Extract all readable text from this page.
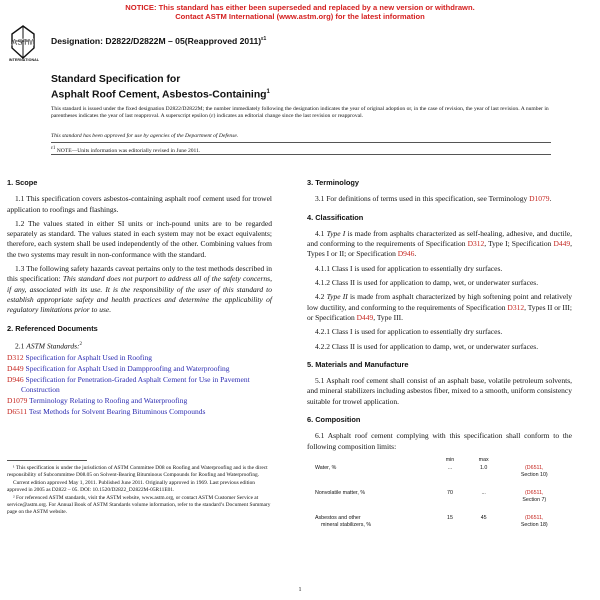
NOTICE: This standard has either been superseded and replaced by a new version or withdrawn.
Contact ASTM International (www.astm.org) for the latest information
ASTM
INTERNATIONAL
Designation: D2822/D2822M – 05(Reapproved 2011)$^{\varepsilon 1}$
Standard Specification for
Asphalt Roof Cement, Asbestos-Containing$^1$
This standard is issued under the fixed designation D2822/D2822M; the number immediately following the designation indicates the year of original adoption or, in the case of revision, the year of last revision. A number in parentheses indicates the year of last reapproval. A superscript epsilon (ε) indicates an editorial change since the last revision or reapproval.
This standard has been approved for use by agencies of the Department of Defense.
$^{\varepsilon 1}$ NOTE—Units information was editorially revised in June 2011.
1. Scope

1.1 This specification covers asbestos-containing asphalt roof cement used for trowel application to roofings and flashings.

1.2 The values stated in either SI units or inch-pound units are to be regarded separately as standard. The values stated in each system may not be exact equivalents; therefore, each system shall be used independently of the other. Combining values from the two systems may result in non-conformance with the standard.

1.3 The following safety hazards caveat pertains only to the test methods described in this specification: This standard does not purport to address all of the safety concerns, if any, associated with its use. It is the responsibility of the user of this standard to establish appropriate safety and health practices and determine the applicability of regulatory limitations prior to use.

2. Referenced Documents

2.1 ASTM Standards:$^2$

D312 Specification for Asphalt Used in Roofing
D449 Specification for Asphalt Used in Dampproofing and Waterproofing
D946 Specification for Penetration-Graded Asphalt Cement for Use in Pavement Construction
D1079 Terminology Relating to Roofing and Waterproofing
D6511 Test Methods for Solvent Bearing Bituminous Compounds

¹ This specification is under the jurisdiction of ASTM Committee D08 on Roofing and Waterproofing and is the direct responsibility of Subcommittee D08.05 on Solvent-Bearing Bituminous Compounds for Roofing and Waterproofing.

Current edition approved May 1, 2011. Published June 2011. Originally approved in 1969. Last previous edition approved in 2005 as D2822 – 05. DOI: 10.1520/D2822_D2822M-05R11E01.

² For referenced ASTM standards, visit the ASTM website, www.astm.org, or contact ASTM Customer Service at service@astm.org. For Annual Book of ASTM Standards volume information, refer to the standard’s Document Summary page on the ASTM website.

3. Terminology

3.1 For definitions of terms used in this specification, see Terminology D1079.

4. Classification

4.1 Type I is made from asphalts characterized as self-healing, adhesive, and ductile, and conforming to the requirements of Specification D312, Type I; Specification D449, Types I or II; or Specification D946.

4.1.1 Class I is used for application to essentially dry surfaces.

4.1.2 Class II is used for application to damp, wet, or underwater surfaces.

4.2 Type II is made from asphalt characterized by high softening point and relatively low ductility, and conforming to the requirements of Specification D312, Types II or III; or Specification D449, Type III.

4.2.1 Class I is used for application to essentially dry surfaces.

4.2.2 Class II is used for application to damp, wet, or underwater surfaces.

5. Materials and Manufacture

5.1 Asphalt roof cement shall consist of an asphalt base, volatile petroleum solvents, and mineral stabilizers including asbestos fiber, mixed to a smooth, uniform consistency suitable for trowel application.

6. Composition

6.1 Asphalt roof cement complying with this specification shall conform to the following composition limits:

	min	max	
Water, %	...	1.0	(D6511,
Section 10)

Nonvolatile matter, %	70	...	(D6511,
Section 7)

Asbestos and other
mineral stabilizers, %	15	45	(D6511,
Section 18)
1
